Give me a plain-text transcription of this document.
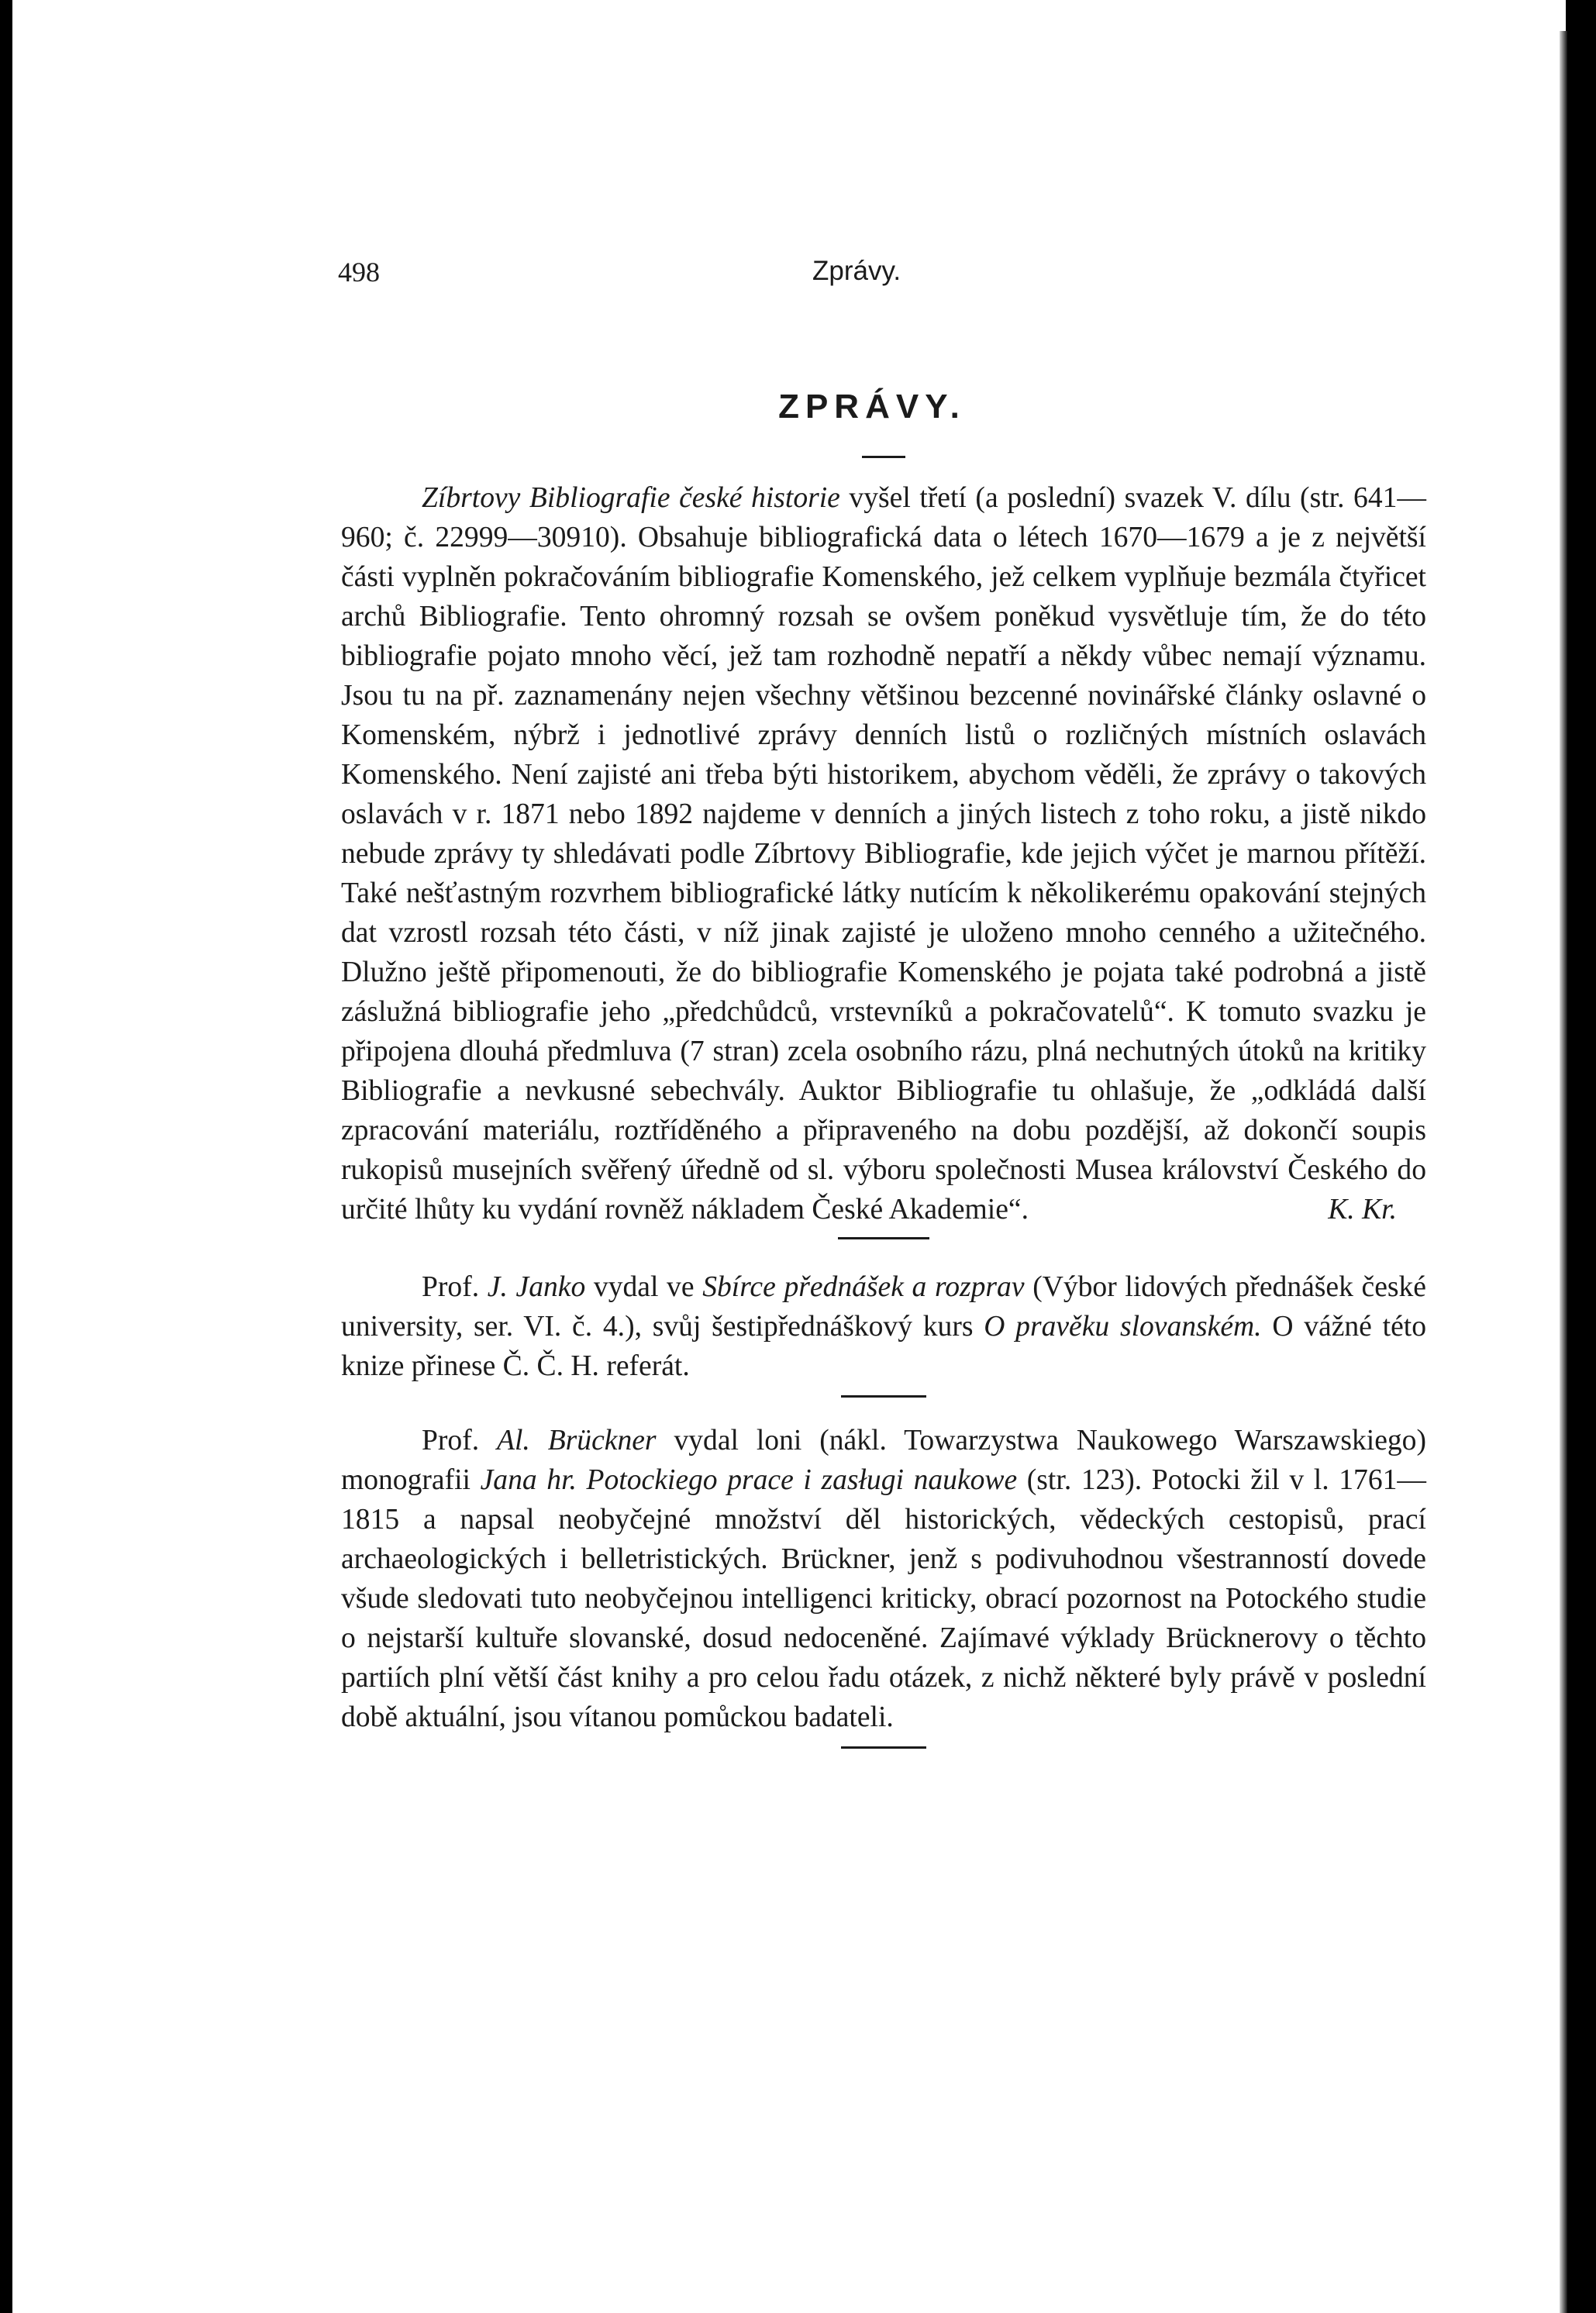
498	Zprávy.
ZPRÁVY.

Zíbrtovy Bibliografie české historie vyšel třetí (a poslední) svazek V. dílu (str. 641—960; č. 22999—30910). Obsahuje bibliografická data o létech 1670—1679 a je z největší části vyplněn pokračováním bibliografie Komenského, jež celkem vyplňuje bezmála čtyřicet archů Bibliografie. Tento ohromný rozsah se ovšem poněkud vysvětluje tím, že do této bibliografie pojato mnoho věcí, jež tam rozhodně nepatří a někdy vůbec nemají významu. Jsou tu na př. zaznamenány nejen všechny většinou bezcenné novinářské články oslavné o Komenském, nýbrž i jednotlivé zprávy denních listů o rozličných místních oslavách Komenského. Není zajisté ani třeba býti historikem, abychom věděli, že zprávy o takových oslavách v r. 1871 nebo 1892 najdeme v denních a jiných listech z toho roku, a jistě nikdo nebude zprávy ty shledávati podle Zíbrtovy Bibliografie, kde jejich výčet je marnou přítěží. Také nešťastným rozvrhem bibliografické látky nutícím k několikerému opakování stejných dat vzrostl rozsah této části, v níž jinak zajisté je uloženo mnoho cenného a užitečného. Dlužno ještě připomenouti, že do bibliografie Komenského je pojata také podrobná a jistě záslužná bibliografie jeho „předchůdců, vrstevníků a pokračovatelů“. K tomuto svazku je připojena dlouhá předmluva (7 stran) zcela osobního rázu, plná nechutných útoků na kritiky Bibliografie a nevkusné sebechvály. Auktor Bibliografie tu ohlašuje, že „odkládá další zpracování materiálu, roztříděného a připraveného na dobu pozdější, až dokončí soupis rukopisů musejních svěřený úředně od sl. výboru společnosti Musea království Českého do určité lhůty ku vydání rovněž nákladem České Akademie“.	K. Kr.

Prof. J. Janko vydal ve Sbírce přednášek a rozprav (Výbor lidových přednášek české university, ser. VI. č. 4.), svůj šestipřednáškový kurs O pravěku slovanském. O vážné této knize přinese Č. Č. H. referát.

Prof. Al. Brückner vydal loni (nákl. Towarzystwa Naukowego Warszawskiego) monografii Jana hr. Potockiego prace i zasługi naukowe (str. 123). Potocki žil v l. 1761—1815 a napsal neobyčejné množství děl historických, vědeckých cestopisů, prací archaeologických i belletristických. Brückner, jenž s podivuhodnou všestranností dovede všude sledovati tuto neobyčejnou intelligenci kriticky, obrací pozornost na Potockého studie o nejstarší kultuře slovanské, dosud nedoceněné. Zajímavé výklady Brücknerovy o těchto partiích plní větší část knihy a pro celou řadu otázek, z nichž některé byly právě v poslední době aktuální, jsou vítanou pomůckou badateli.
